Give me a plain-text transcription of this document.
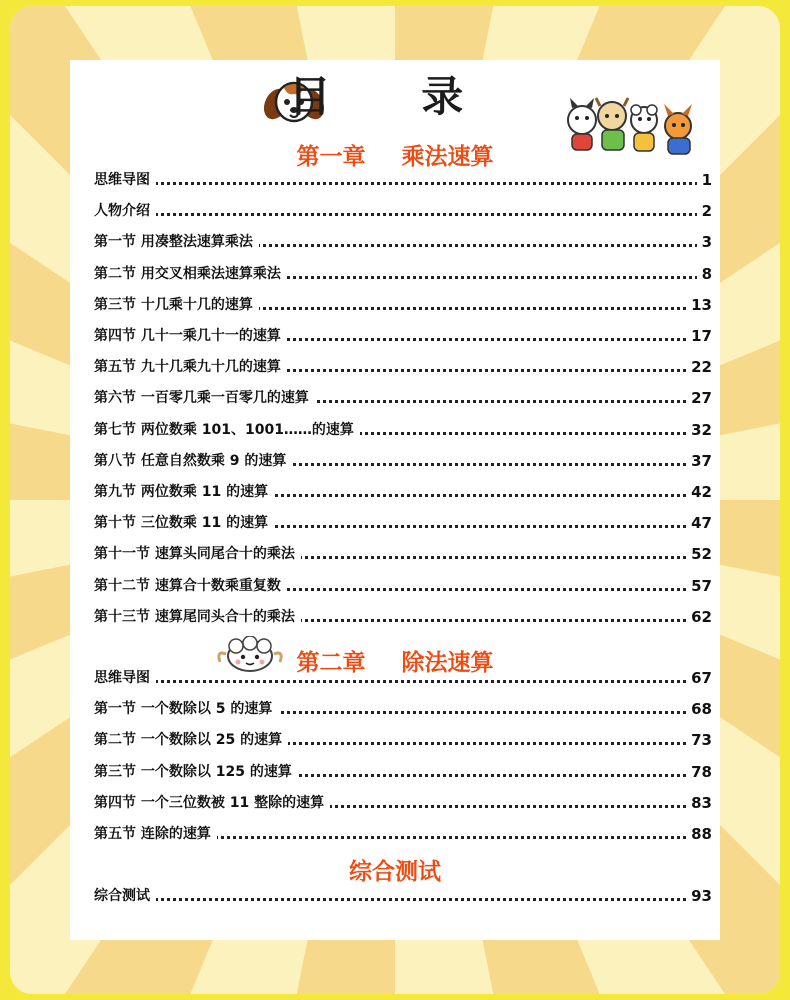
目 录
第一章 乘法速算
思维导图	1
人物介绍	2
第一节 用凑整法速算乘法	3
第二节 用交叉相乘法速算乘法	8
第三节 十几乘十几的速算	13
第四节 几十一乘几十一的速算	17
第五节 九十几乘九十几的速算	22
第六节 一百零几乘一百零几的速算	27
第七节 两位数乘 101、1001……的速算	32
第八节 任意自然数乘 9 的速算	37
第九节 两位数乘 11 的速算	42
第十节 三位数乘 11 的速算	47
第十一节 速算头同尾合十的乘法	52
第十二节 速算合十数乘重复数	57
第十三节 速算尾同头合十的乘法	62
第二章 除法速算
思维导图	67
第一节 一个数除以 5 的速算	68
第二节 一个数除以 25 的速算	73
第三节 一个数除以 125 的速算	78
第四节 一个三位数被 11 整除的速算	83
第五节 连除的速算	88
综合测试
综合测试	93
